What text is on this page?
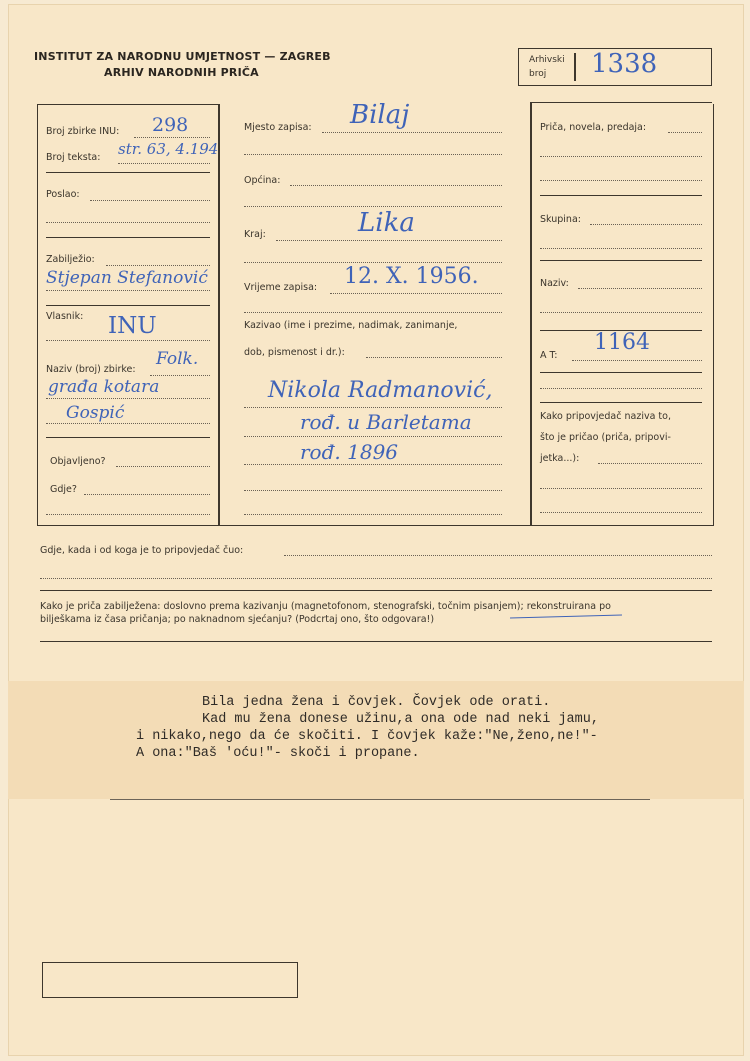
INSTITUT ZA NARODNU UMJETNOST — ZAGREB
ARHIV NARODNIH PRIČA
Arhivski
broj 1338
Broj zbirke INU: 298
Broj teksta: str. 63, 4.194
Poslao:
Zabilježio:
Stjepan Stefanović
Vlasnik: INU
Naziv (broj) zbirke:
Folk.
građa kotara
Gospić
Objavljeno?
Gdje?
Mjesto zapisa: Bilaj
Općina:
Kraj:	Lika
Vrijeme zapisa: 12. X. 1956.
Kazivao (ime i prezime, nadimak, zanimanje,
dob, pismenost i dr.):
Nikola Radmanović,
rođ. u Barletama
rođ. 1896
Priča, novela, predaja:
Skupina:
Naziv:
A T:
1164
Kako pripovjedač naziva to,
što je pričao (priča, pripovi-
jetka...):
Gdje, kada i od koga je to pripovjedač čuo:
Kako je priča zabilježena: doslovno prema kazivanju (magnetofonom, stenografski, točnim pisanjem); rekonstruirana po
bilješkama iz časa pričanja; po naknadnom sjećanju? (Podcrtaj ono, što odgovara!)
Bila jedna žena i čovjek. Čovjek ode orati.
Kad mu žena donese užinu,a ona ode nad neki jamu,
i nikako,nego da će skočiti. I čovjek kaže:"Ne,ženo,ne!"-
A ona:"Baš 'oću!"- skoči i propane.
